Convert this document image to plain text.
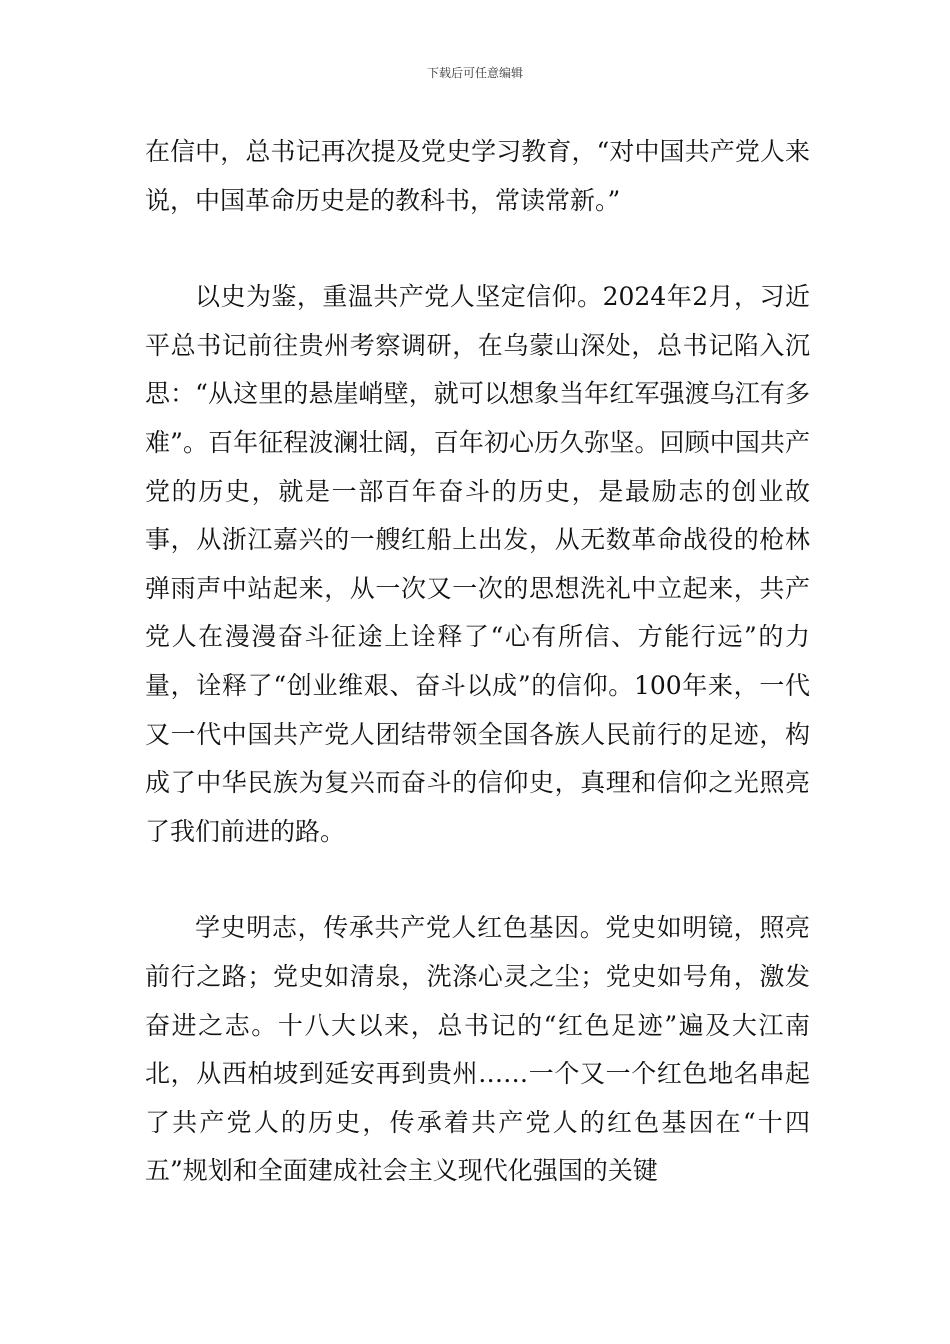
下载后可任意编辑

在信中，总书记再次提及党史学习教育，“对中国共产党人来说，中国革命历史是的教科书，常读常新。”

以史为鉴，重温共产党人坚定信仰。2024年2月，习近平总书记前往贵州考察调研，在乌蒙山深处，总书记陷入沉思：“从这里的悬崖峭壁，就可以想象当年红军强渡乌江有多难”。百年征程波澜壮阔，百年初心历久弥坚。回顾中国共产党的历史，就是一部百年奋斗的历史，是最励志的创业故事，从浙江嘉兴的一艘红船上出发，从无数革命战役的枪林弹雨声中站起来，从一次又一次的思想洗礼中立起来，共产党人在漫漫奋斗征途上诠释了“心有所信、方能行远”的力量，诠释了“创业维艰、奋斗以成”的信仰。100年来，一代又一代中国共产党人团结带领全国各族人民前行的足迹，构成了中华民族为复兴而奋斗的信仰史，真理和信仰之光照亮了我们前进的路。

学史明志，传承共产党人红色基因。党史如明镜，照亮前行之路；党史如清泉，洗涤心灵之尘；党史如号角，激发奋进之志。十八大以来，总书记的“红色足迹”遍及大江南北，从西柏坡到延安再到贵州……一个又一个红色地名串起了共产党人的历史，传承着共产党人的红色基因在“十四五”规划和全面建成社会主义现代化强国的关键
